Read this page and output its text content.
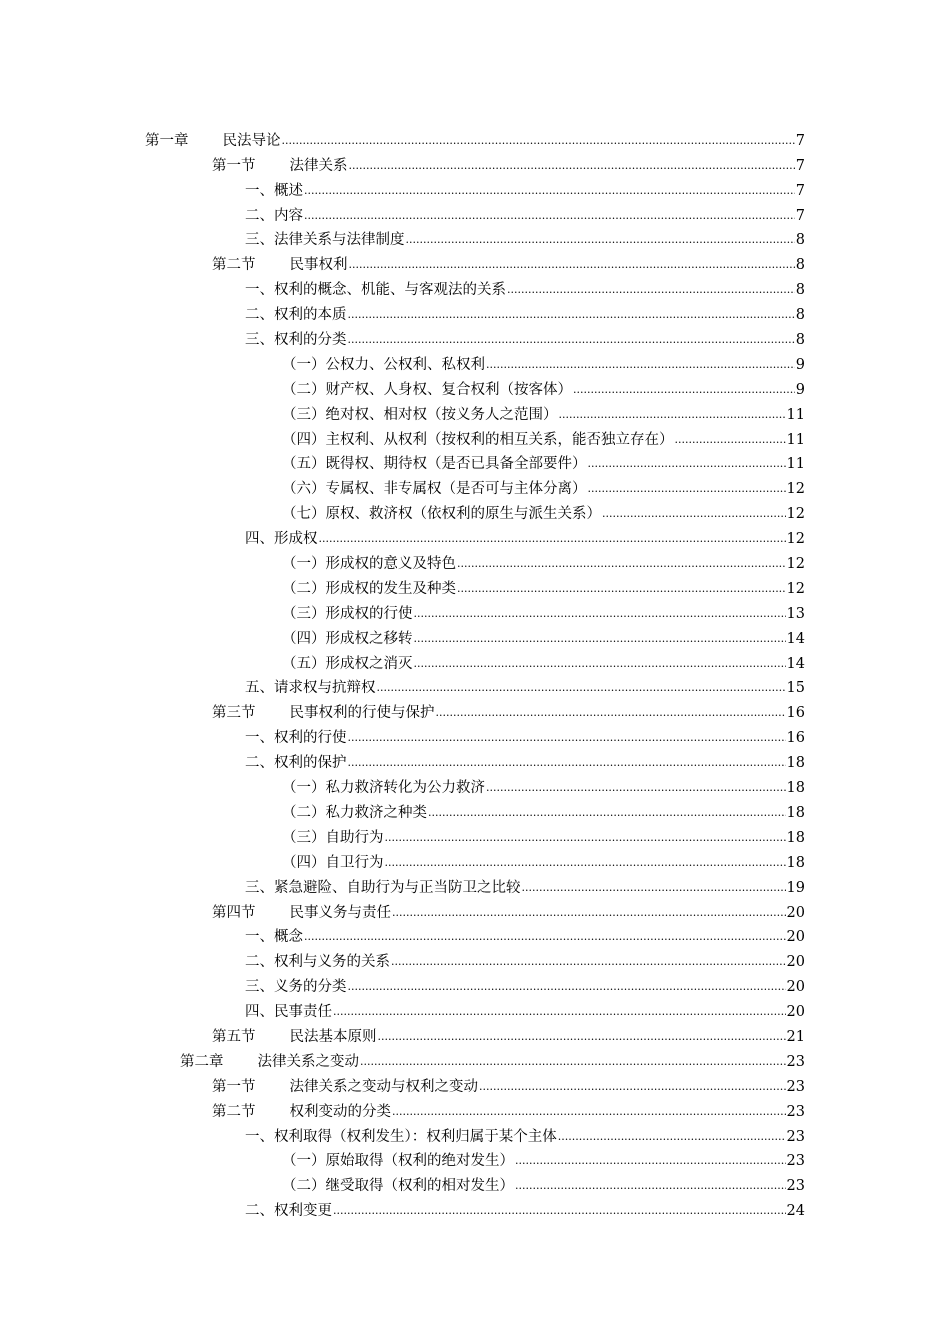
第一章 民法导论 .....	7
第一节 法律关系 .....	7
一、概述 .....	7
二、内容 .....	7
三、法律关系与法律制度 .....	8
第二节 民事权利 .....	8
一、权利的概念、机能、与客观法的关系 .....	8
二、权利的本质 .....	8
三、权利的分类 .....	8
（一）公权力、公权利、私权利 .....	9
（二）财产权、人身权、复合权利（按客体） .....	9
（三）绝对权、相对权（按义务人之范围） .....	11
（四）主权利、从权利（按权利的相互关系，能否独立存在） .....	11
（五）既得权、期待权（是否已具备全部要件） .....	11
（六）专属权、非专属权（是否可与主体分离） .....	12
（七）原权、救济权（依权利的原生与派生关系） .....	12
四、形成权 .....	12
（一）形成权的意义及特色 .....	12
（二）形成权的发生及种类 .....	12
（三）形成权的行使 .....	13
（四）形成权之移转 .....	14
（五）形成权之消灭 .....	14
五、请求权与抗辩权 .....	15
第三节 民事权利的行使与保护 .....	16
一、权利的行使 .....	16
二、权利的保护 .....	18
（一）私力救济转化为公力救济 .....	18
（二）私力救济之种类 .....	18
（三）自助行为 .....	18
（四）自卫行为 .....	18
三、紧急避险、自助行为与正当防卫之比较 .....	19
第四节 民事义务与责任 .....	20
一、概念 .....	20
二、权利与义务的关系 .....	20
三、义务的分类 .....	20
四、民事责任 .....	20
第五节 民法基本原则 .....	21
第二章 法律关系之变动 .....	23
第一节 法律关系之变动与权利之变动 .....	23
第二节 权利变动的分类 .....	23
一、权利取得（权利发生）：权利归属于某个主体 .....	23
（一）原始取得（权利的绝对发生） .....	23
（二）继受取得（权利的相对发生） .....	23
二、权利变更 .....	24
